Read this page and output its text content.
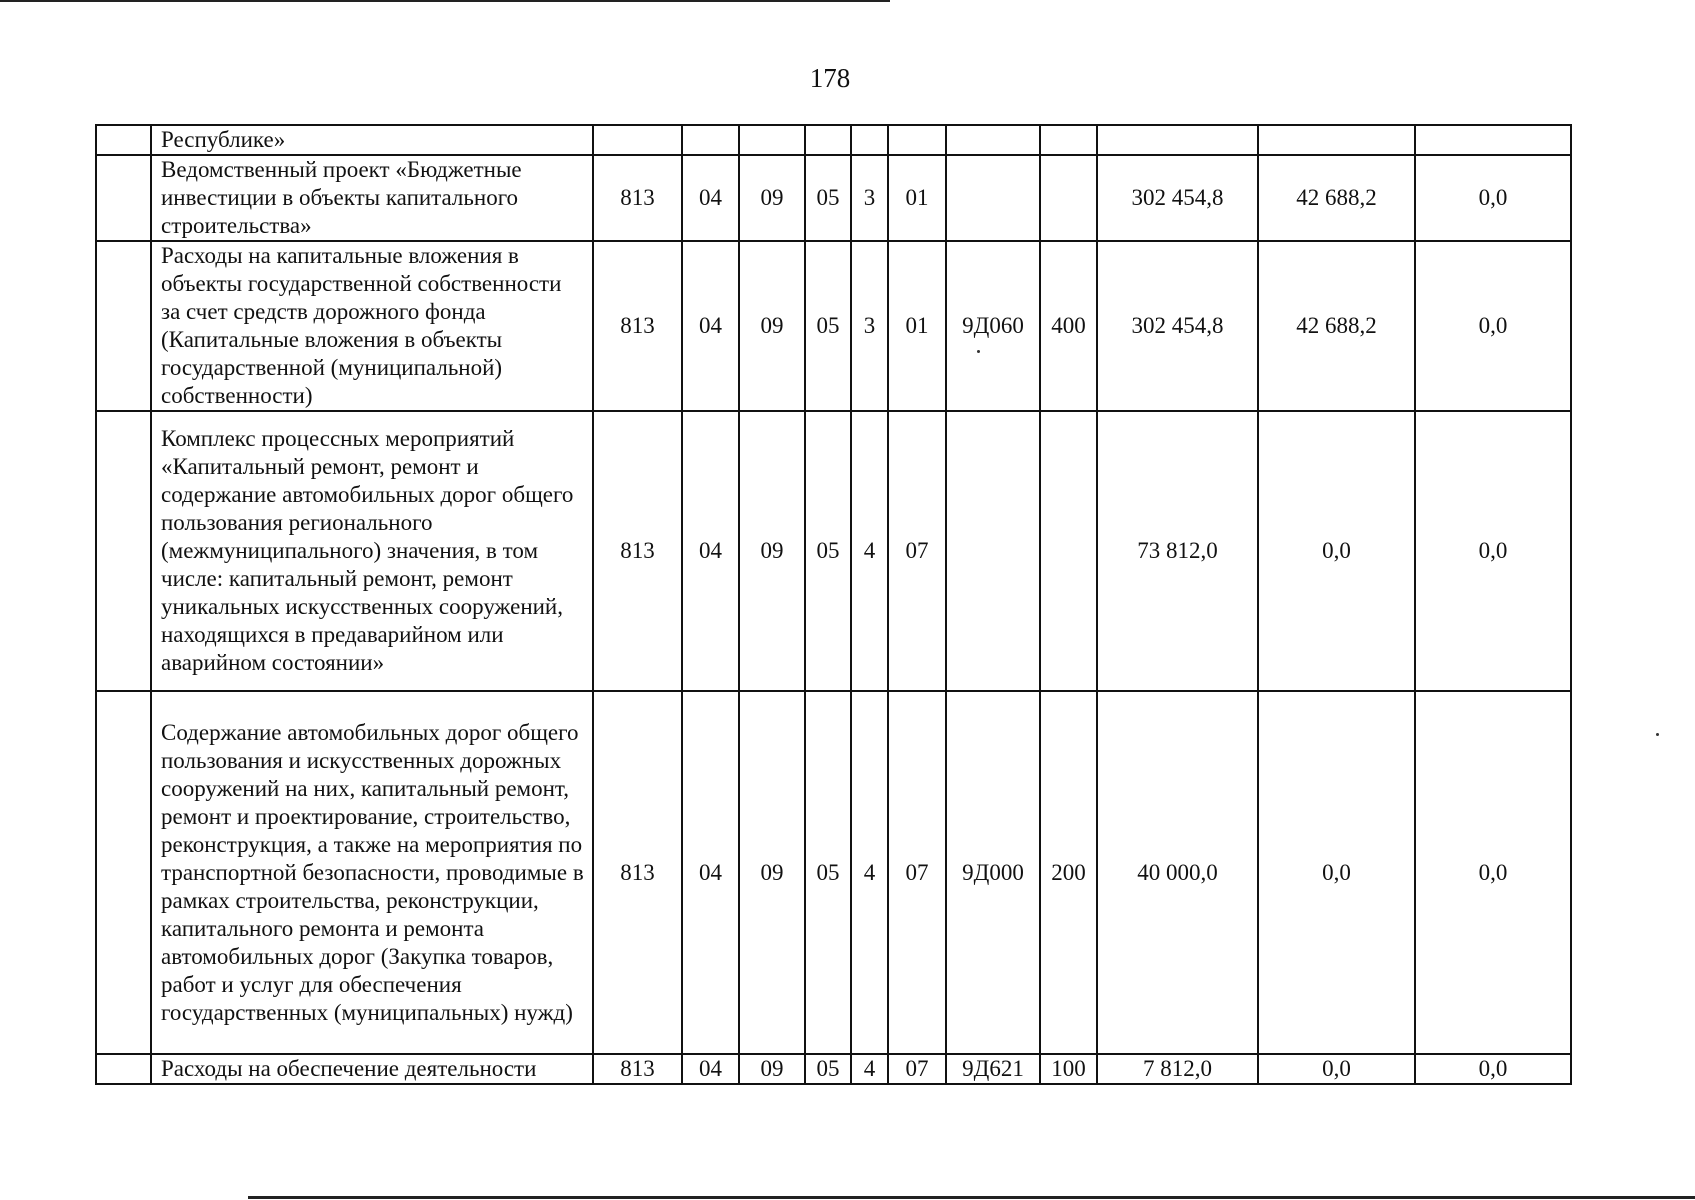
178
	Республике»											
	Ведомственный проект «Бюджетные инвестиции в объекты капитального строительства»	813	04	09	05	3	01			302 454,8	42 688,2	0,0
	Расходы на капитальные вложения в объекты государственной собственности за счет средств дорожного фонда (Капитальные вложения в объекты государственной (муниципальной) собственности)	813	04	09	05	3	01	9Д060	400	302 454,8	42 688,2	0,0
	Комплекс процессных мероприятий «Капитальный ремонт, ремонт и содержание автомобильных дорог общего пользования регионального (межмуниципального) значения, в том числе: капитальный ремонт, ремонт уникальных искусственных сооружений, находящихся в предаварийном или аварийном состоянии»	813	04	09	05	4	07			73 812,0	0,0	0,0
	Содержание автомобильных дорог общего пользования и искусственных дорожных сооружений на них, капитальный ремонт, ремонт и проектирование, строительство, реконструкция, а также на мероприятия по транспортной безопасности, проводимые в рамках строительства, реконструкции, капитального ремонта и ремонта автомобильных дорог (Закупка товаров, работ и услуг для обеспечения государственных (муниципальных) нужд)	813	04	09	05	4	07	9Д000	200	40 000,0	0,0	0,0
	Расходы на обеспечение деятельности	813	04	09	05	4	07	9Д621	100	7 812,0	0,0	0,0
